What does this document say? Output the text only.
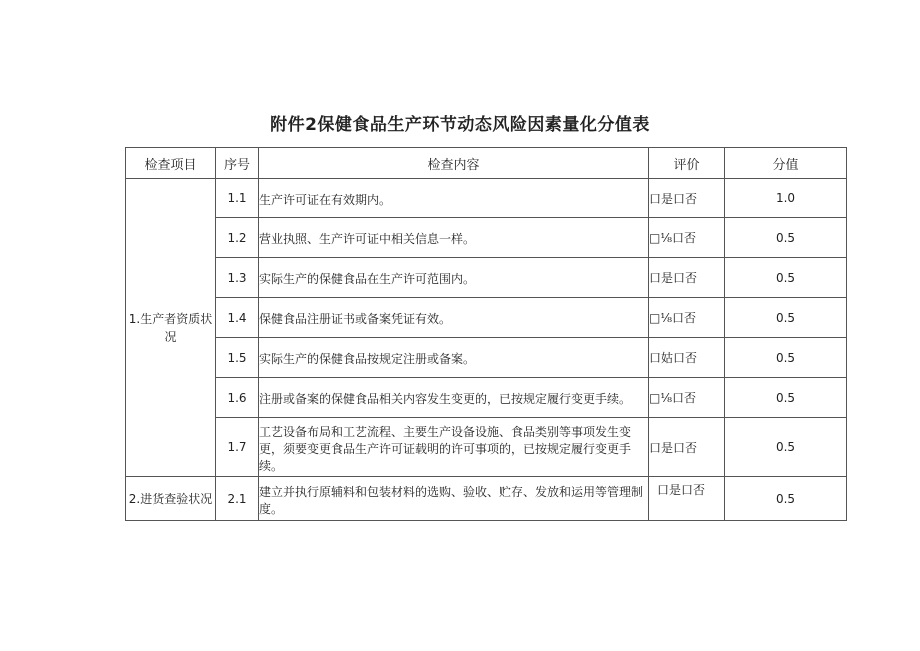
附件2保健食品生产环节动态风险因素量化分值表
检查项目	序号	检查内容	评价	分值
1.生产者资质状况	1.1	生产许可证在有效期内。	口是口否	1.0
	1.2	营业执照、生产许可证中相关信息一样。	□⅛口否	0.5
	1.3	实际生产的保健食品在生产许可范围内。	口是口否	0.5
	1.4	保健食品注册证书或备案凭证有效。	□⅛口否	0.5
	1.5	实际生产的保健食品按规定注册或备案。	口姑口否	0.5
	1.6	注册或备案的保健食品相关内容发生变更的，已按规定履行变更手续。	□⅛口否	0.5
	1.7	工艺设备布局和工艺流程、主要生产设备设施、食品类别等事项发生变更，须要变更食品生产许可证载明的许可事项的，已按规定履行变更手续。	口是口否	0.5
2.进货查验状况	2.1	建立并执行原辅料和包装材料的选购、验收、贮存、发放和运用等管理制度。	口是口否	0.5
